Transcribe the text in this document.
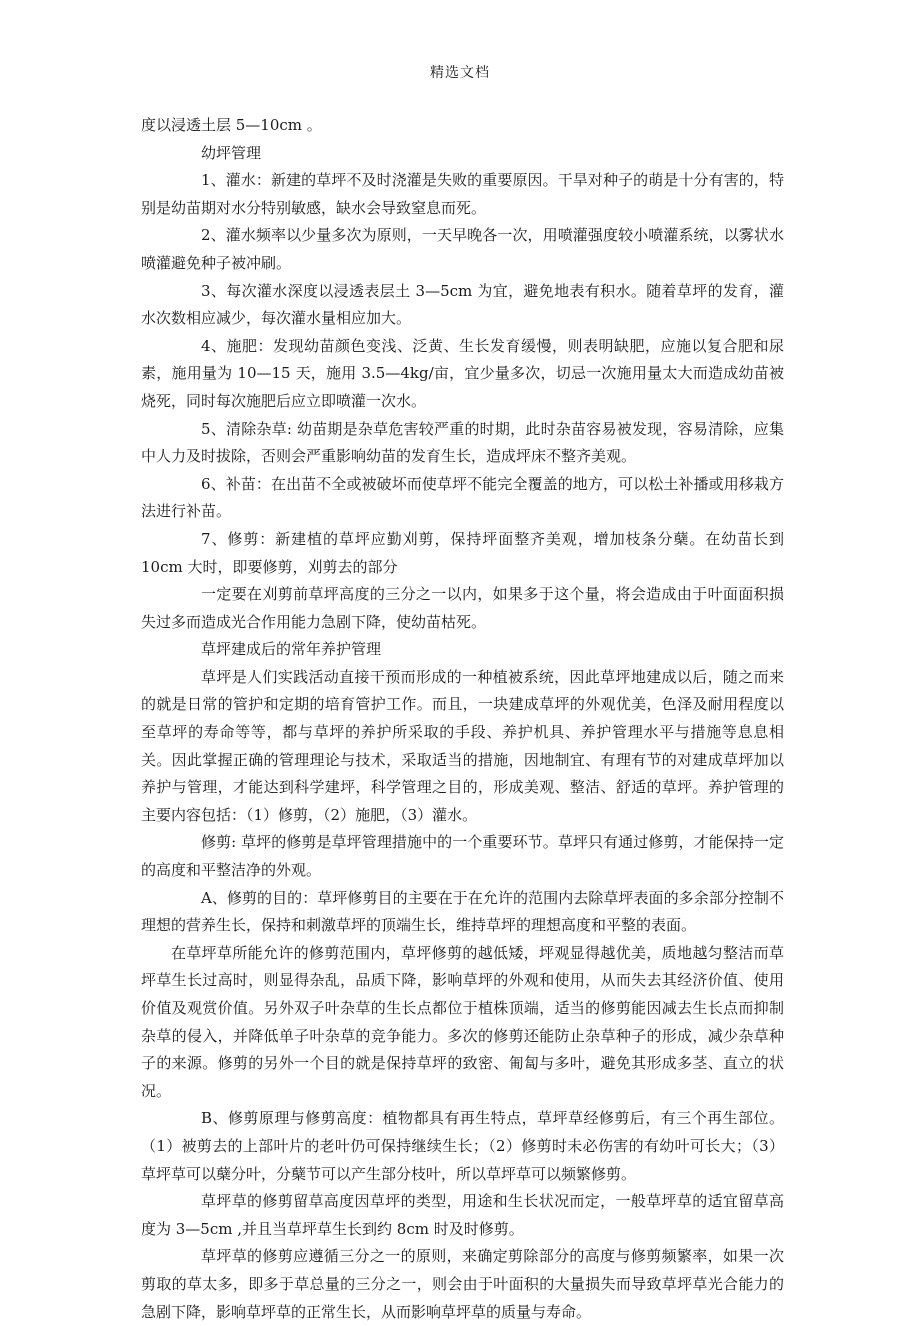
精选文档

度以浸透土层 5—10cm 。

幼坪管理

1、灌水：新建的草坪不及时浇灌是失败的重要原因。干旱对种子的萌是十分有害的，特别是幼苗期对水分特别敏感，缺水会导致窒息而死。

2、灌水频率以少量多次为原则，一天早晚各一次，用喷灌强度较小喷灌系统，以雾状水喷灌避免种子被冲刷。

3、每次灌水深度以浸透表层土 3—5cm 为宜，避免地表有积水。随着草坪的发育，灌水次数相应减少，每次灌水量相应加大。

4、施肥：发现幼苗颜色变浅、泛黄、生长发育缓慢，则表明缺肥，应施以复合肥和尿素，施用量为 10—15 天，施用 3.5—4kg/亩，宜少量多次，切忌一次施用量太大而造成幼苗被烧死，同时每次施肥后应立即喷灌一次水。

5、清除杂草: 幼苗期是杂草危害较严重的时期，此时杂苗容易被发现，容易清除，应集中人力及时拔除，否则会严重影响幼苗的发育生长，造成坪床不整齐美观。

6、补苗：在出苗不全或被破坏而使草坪不能完全覆盖的地方，可以松土补播或用移栽方法进行补苗。

7、修剪：新建植的草坪应勤刈剪，保持坪面整齐美观，增加枝条分蘖。在幼苗长到 10cm 大时，即要修剪，刈剪去的部分

一定要在刈剪前草坪高度的三分之一以内，如果多于这个量，将会造成由于叶面面积损失过多而造成光合作用能力急剧下降，使幼苗枯死。

草坪建成后的常年养护管理

草坪是人们实践活动直接干预而形成的一种植被系统，因此草坪地建成以后，随之而来的就是日常的管护和定期的培育管护工作。而且，一块建成草坪的外观优美，色泽及耐用程度以至草坪的寿命等等，都与草坪的养护所采取的手段、养护机具、养护管理水平与措施等息息相关。因此掌握正确的管理理论与技术，采取适当的措施，因地制宜、有理有节的对建成草坪加以养护与管理，才能达到科学建坪，科学管理之目的，形成美观、整洁、舒适的草坪。养护管理的主要内容包括：（1）修剪，（2）施肥，（3）灌水。

修剪: 草坪的修剪是草坪管理措施中的一个重要环节。草坪只有通过修剪，才能保持一定的高度和平整洁净的外观。

A、修剪的目的：草坪修剪目的主要在于在允许的范围内去除草坪表面的多余部分控制不理想的营养生长，保持和刺激草坪的顶端生长，维持草坪的理想高度和平整的表面。

在草坪草所能允许的修剪范围内，草坪修剪的越低矮，坪观显得越优美，质地越匀整洁而草坪草生长过高时，则显得杂乱，品质下降，影响草坪的外观和使用，从而失去其经济价值、使用价值及观赏价值。另外双子叶杂草的生长点都位于植株顶端，适当的修剪能因减去生长点而抑制杂草的侵入，并降低单子叶杂草的竞争能力。多次的修剪还能防止杂草种子的形成，减少杂草种子的来源。修剪的另外一个目的就是保持草坪的致密、匍匐与多叶，避免其形成多茎、直立的状况。

B、修剪原理与修剪高度：植物都具有再生特点，草坪草经修剪后，有三个再生部位。（1）被剪去的上部叶片的老叶仍可保持继续生长；（2）修剪时未必伤害的有幼叶可长大；（3）草坪草可以蘖分叶，分蘖节可以产生部分枝叶，所以草坪草可以频繁修剪。

草坪草的修剪留草高度因草坪的类型，用途和生长状况而定，一般草坪草的适宜留草高度为 3—5cm ,并且当草坪草生长到约 8cm 时及时修剪。

草坪草的修剪应遵循三分之一的原则，来确定剪除部分的高度与修剪频繁率，如果一次剪取的草太多，即多于草总量的三分之一，则会由于叶面积的大量损失而导致草坪草光合能力的急剧下降，影响草坪草的正常生长，从而影响草坪草的质量与寿命。
